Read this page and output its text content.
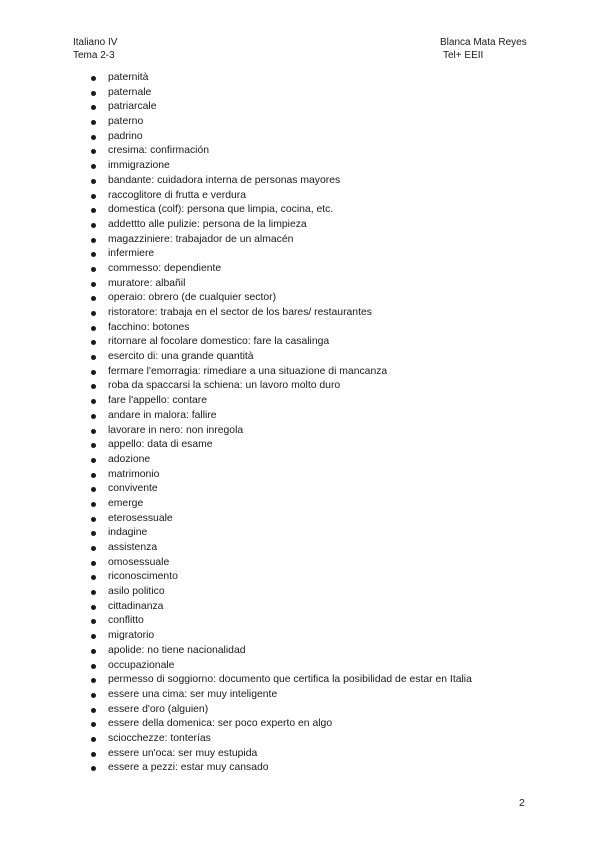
Italiano IV
Tema 2-3
Blanca Mata Reyes
Tel+ EEII
paternità
paternale
patriarcale
paterno
padrino
cresima: confirmación
immigrazione
bandante: cuidadora interna de personas mayores
raccoglitore di frutta e verdura
domestica (colf): persona que limpia, cocina, etc.
addettto alle pulizie: persona de la limpieza
magazziniere: trabajador de un almacén
infermiere
commesso: dependiente
muratore: albañil
operaio: obrero (de cualquier sector)
ristoratore: trabaja en el sector de los bares/ restaurantes
facchino: botones
ritornare al focolare domestico: fare la casalinga
esercito di: una grande quantità
fermare l'emorragia: rimediare a una situazione di mancanza
roba da spaccarsi la schiena: un lavoro molto duro
fare l'appello: contare
andare in malora: fallire
lavorare in nero: non inregola
appello: data di esame
adozione
matrimonio
convivente
emerge
eterosessuale
indagine
assistenza
omosessuale
riconoscimento
asilo politico
cittadinanza
conflitto
migratorio
apolide: no tiene nacionalidad
occupazionale
permesso di soggiorno: documento que certifica la posibilidad de estar en Italia
essere una cima: ser muy inteligente
essere d'oro (alguien)
essere della domenica: ser poco experto en algo
sciocchezze: tonterías
essere un'oca: ser muy estupida
essere a pezzi: estar muy cansado
2
